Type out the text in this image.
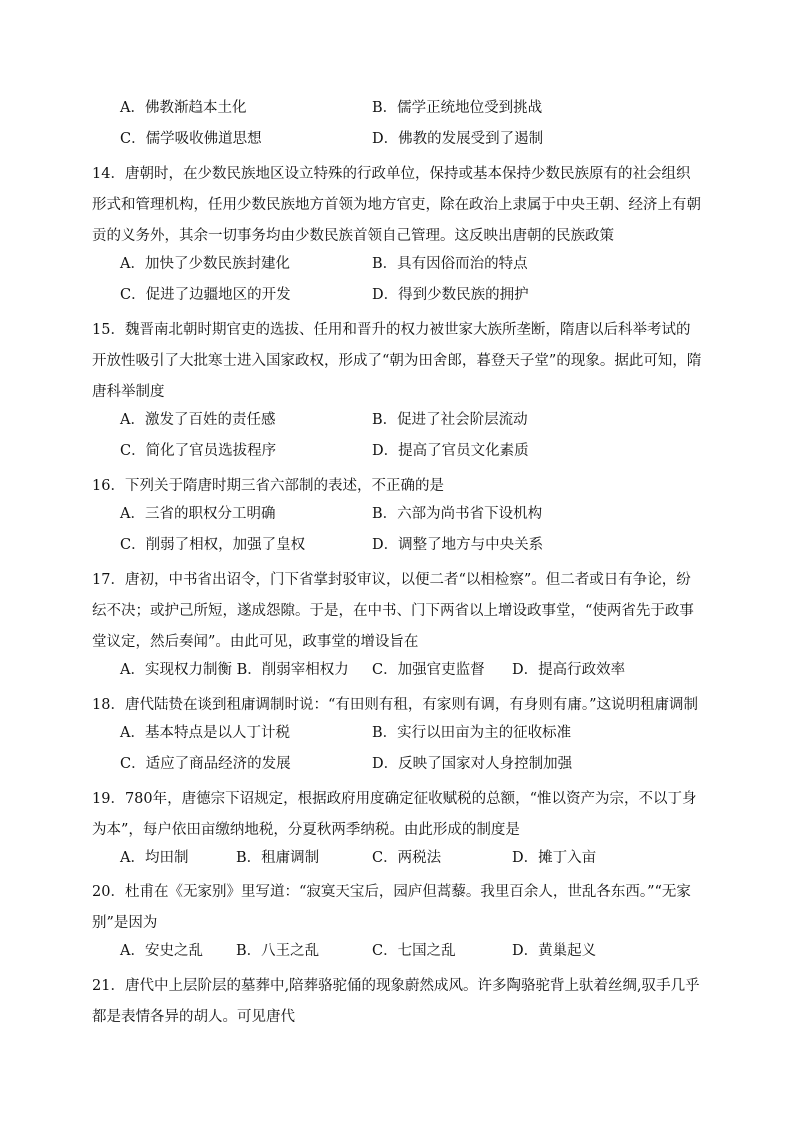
A．佛教渐趋本土化	B．儒学正统地位受到挑战
C．儒学吸收佛道思想	D．佛教的发展受到了遏制

14．唐朝时，在少数民族地区设立特殊的行政单位，保持或基本保持少数民族原有的社会组织形式和管理机构，任用少数民族地方首领为地方官吏，除在政治上隶属于中央王朝、经济上有朝贡的义务外，其余一切事务均由少数民族首领自己管理。这反映出唐朝的民族政策

A．加快了少数民族封建化	B．具有因俗而治的特点
C．促进了边疆地区的开发	D．得到少数民族的拥护

15．魏晋南北朝时期官吏的选拔、任用和晋升的权力被世家大族所垄断，隋唐以后科举考试的开放性吸引了大批寒士进入国家政权，形成了“朝为田舍郎，暮登天子堂”的现象。据此可知，隋唐科举制度

A．激发了百姓的责任感	B．促进了社会阶层流动
C．简化了官员选拔程序	D．提高了官员文化素质

16．下列关于隋唐时期三省六部制的表述，不正确的是

A．三省的职权分工明确	B．六部为尚书省下设机构
C．削弱了相权，加强了皇权	D．调整了地方与中央关系

17．唐初，中书省出诏令，门下省掌封驳审议，以便二者“以相检察”。但二者或日有争论，纷纭不决；或护己所短，遂成怨隙。于是，在中书、门下两省以上增设政事堂，“使两省先于政事堂议定，然后奏闻”。由此可见，政事堂的增设旨在

A．实现权力制衡 B．削弱宰相权力 C．加强官吏监督 D．提高行政效率

18．唐代陆贽在谈到租庸调制时说：“有田则有租，有家则有调，有身则有庸。”这说明租庸调制

A．基本特点是以人丁计税	B．实行以田亩为主的征收标准
C．适应了商品经济的发展	D．反映了国家对人身控制加强

19．780年，唐德宗下诏规定，根据政府用度确定征收赋税的总额，“惟以资产为宗，不以丁身为本”，每户依田亩缴纳地税，分夏秋两季纳税。由此形成的制度是

A．均田制	B．租庸调制	C．两税法	D．摊丁入亩

20．杜甫在《无家别》里写道：“寂寞天宝后，园庐但蒿藜。我里百余人，世乱各东西。”“无家别”是因为

A．安史之乱 B．八王之乱	C．七国之乱	D．黄巢起义

21．唐代中上层阶层的墓葬中,陪葬骆驼俑的现象蔚然成风。许多陶骆驼背上驮着丝绸,驭手几乎都是表情各异的胡人。可见唐代
